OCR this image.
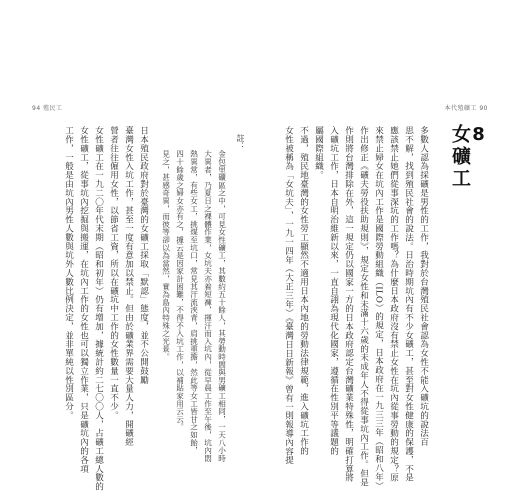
94 殖民工	本代殖礦工 90
8
女礦工
多數人認為採礦是男性的工作，我對於台灣殖民社會認為女性不能入礦坑的說法百
思不解，找到殖民社會的說法。日治時期坑內有不少女礦工，甚至對女性健康的保護，不是
應該禁止她們從事深坑的工作嗎？為什麼日本政府沒有禁止女性在坑內從事勞動的規定？原
來禁止婦女在坑內工作是國際勞動組織（ILO）的規定，日本政府在一九三三年（昭和八年）
作出修正《礦夫勞役扶助規則》，規定女性和未滿十六歲的未成年人不得從事坑內工作。但是
作則將台灣排除在外，這一規定仍以國家一方的日本政府認定台灣礦業特殊性，明確打算將
入礦坑工作，日本自明治維新以來，一直自詡為現代化國家，遵循在性別平等議題的
屬國際組織。
不過，殖民地臺灣的女性勞工顯然不適用日本內地的勞動法律規範，進入礦坑工作的
女性被稱為「女坑夫」，一九一四年（大正三年）《臺灣日日新報》曾有一則報導內容提
註：
金包里礦區之中，可見女性礦工，其數約五十餘人，其勞動時間與男礦工相同，一天八小時
大異者，乃夏日之裸體作業，女坑夫亦着短褲，揮汗而入坑內，從早晨工作至午後，坑內悶
熱異常，有些女工，挑煤至坑口，常見其汗流浹背，肩挑重擔，然此等女工皆甘之如飴，
四十餘歲之婦女亦有之，據云是因家計困難，不得不入坑工作，以補貼家用云云。
見之，甚感奇異，而彼等卻以為當然，實為島內特殊之光景。
日本殖民政府對於臺灣的女礦工採取「默認」態度，並不公開鼓勵
臺灣女性入坑工作，甚至一度有意加以禁止。但由於礦業界需要大量人力，開礦經
營者往往僱用女性，以節省工資，所以在礦坑中工作的女性數量一直不少。
女性礦工在一九二〇年代末期（昭和初年）仍有增加，據統計約二七〇〇人，占礦工總人數的
女性礦工，從事坑內挖掘與搬運，在坑內工作的女性也可以獨立作業，只是礦坑內的各項
工作，一般是由坑內男性人數與坑外人數比例決定，並非單純以性別區分。
